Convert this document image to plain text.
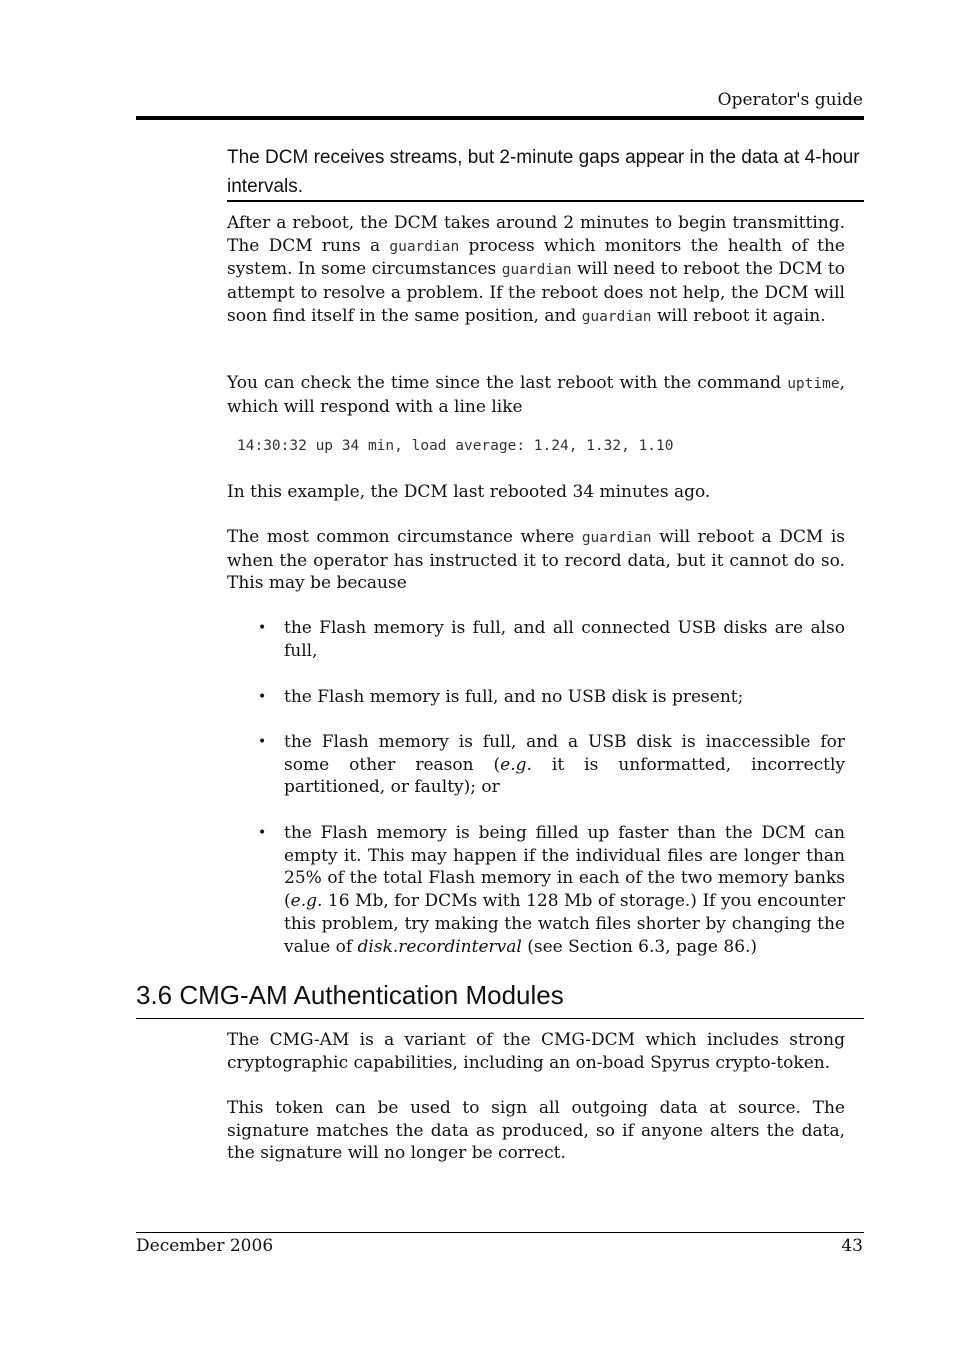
Operator's guide
The DCM receives streams, but 2-minute gaps appear in the data at 4-hour intervals.

After a reboot, the DCM takes around 2 minutes to begin transmitting. The DCM runs a guardian process which monitors the health of the system. In some circumstances guardian will need to reboot the DCM to attempt to resolve a problem. If the reboot does not help, the DCM will soon find itself in the same position, and guardian will reboot it again.

You can check the time since the last reboot with the command uptime, which will respond with a line like

14:30:32 up 34 min, load average: 1.24, 1.32, 1.10
In this example, the DCM last rebooted 34 minutes ago.

The most common circumstance where guardian will reboot a DCM is when the operator has instructed it to record data, but it cannot do so. This may be because

• the Flash memory is full, and all connected USB disks are also full,
• the Flash memory is full, and no USB disk is present;
• the Flash memory is full, and a USB disk is inaccessible for some other reason (e.g. it is unformatted, incorrectly partitioned, or faulty); or
• the Flash memory is being filled up faster than the DCM can empty it. This may happen if the individual files are longer than 25% of the total Flash memory in each of the two memory banks (e.g. 16 Mb, for DCMs with 128 Mb of storage.) If you encounter this problem, try making the watch files shorter by changing the value of disk.recordinterval (see Section 6.3, page 86.)
3.6 CMG-AM Authentication Modules
The CMG-AM is a variant of the CMG-DCM which includes strong cryptographic capabilities, including an on-boad Spyrus crypto-token.
This token can be used to sign all outgoing data at source. The signature matches the data as produced, so if anyone alters the data, the signature will no longer be correct.
December 2006	43
